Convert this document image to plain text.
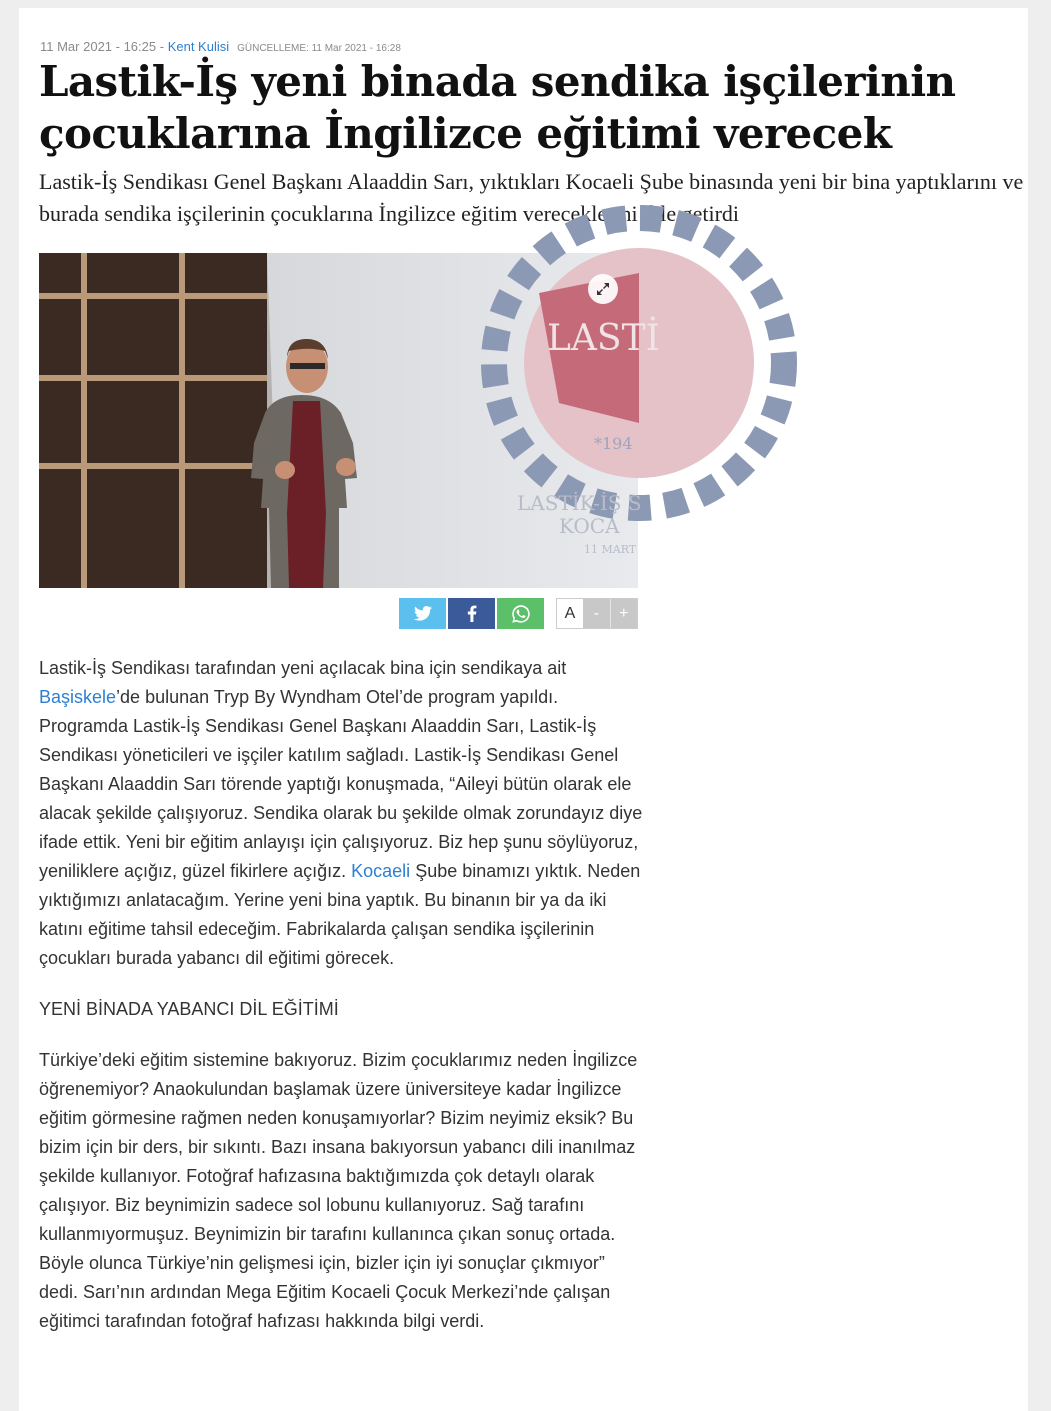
11 Mar 2021 - 16:25 - Kent Kulisi GÜNCELLEME: 11 Mar 2021 - 16:28
Lastik-İş yeni binada sendika işçilerinin çocuklarına İngilizce eğitimi verecek

Lastik-İş Sendikası Genel Başkanı Alaaddin Sarı, yıktıkları Kocaeli Şube binasında yeni bir bina yaptıklarını ve burada sendika işçilerinin çocuklarına İngilizce eğitim vereceklerini dile getirdi

LASTİ
*194
LASTİK-İŞ S
KOCA
11 MART
A	-	+

Lastik-İş Sendikası tarafından yeni açılacak bina için sendikaya ait Başiskele’de bulunan Tryp By Wyndham Otel’de program yapıldı. Programda Lastik-İş Sendikası Genel Başkanı Alaaddin Sarı, Lastik-İş Sendikası yöneticileri ve işçiler katılım sağladı. Lastik-İş Sendikası Genel Başkanı Alaaddin Sarı törende yaptığı konuşmada, “Aileyi bütün olarak ele alacak şekilde çalışıyoruz. Sendika olarak bu şekilde olmak zorundayız diye ifade ettik. Yeni bir eğitim anlayışı için çalışıyoruz. Biz hep şunu söylüyoruz, yeniliklere açığız, güzel fikirlere açığız. Kocaeli Şube binamızı yıktık. Neden yıktığımızı anlatacağım. Yerine yeni bina yaptık. Bu binanın bir ya da iki katını eğitime tahsil edeceğim. Fabrikalarda çalışan sendika işçilerinin çocukları burada yabancı dil eğitimi görecek.

YENİ BİNADA YABANCI DİL EĞİTİMİ

Türkiye’deki eğitim sistemine bakıyoruz. Bizim çocuklarımız neden İngilizce öğrenemiyor? Anaokulundan başlamak üzere üniversiteye kadar İngilizce eğitim görmesine rağmen neden konuşamıyorlar? Bizim neyimiz eksik? Bu bizim için bir ders, bir sıkıntı. Bazı insana bakıyorsun yabancı dili inanılmaz şekilde kullanıyor. Fotoğraf hafızasına baktığımızda çok detaylı olarak çalışıyor. Biz beynimizin sadece sol lobunu kullanıyoruz. Sağ tarafını kullanmıyormuşuz. Beynimizin bir tarafını kullanınca çıkan sonuç ortada. Böyle olunca Türkiye’nin gelişmesi için, bizler için iyi sonuçlar çıkmıyor” dedi. Sarı’nın ardından Mega Eğitim Kocaeli Çocuk Merkezi’nde çalışan eğitimci tarafından fotoğraf hafızası hakkında bilgi verdi.
